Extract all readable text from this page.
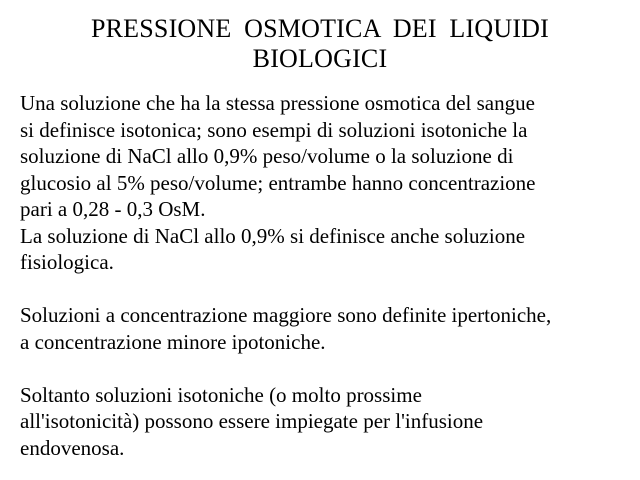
PRESSIONE OSMOTICA DEI LIQUIDI
BIOLOGICI

Una soluzione che ha la stessa pressione osmotica del sangue
si definisce isotonica; sono esempi di soluzioni isotoniche la
soluzione di NaCl allo 0,9% peso/volume o la soluzione di
glucosio al 5% peso/volume; entrambe hanno concentrazione
pari a 0,28 - 0,3 OsM.
La soluzione di NaCl allo 0,9% si definisce anche soluzione
fisiologica.

Soluzioni a concentrazione maggiore sono definite ipertoniche,
a concentrazione minore ipotoniche.

Soltanto soluzioni isotoniche (o molto prossime
all'isotonicità) possono essere impiegate per l'infusione
endovenosa.
